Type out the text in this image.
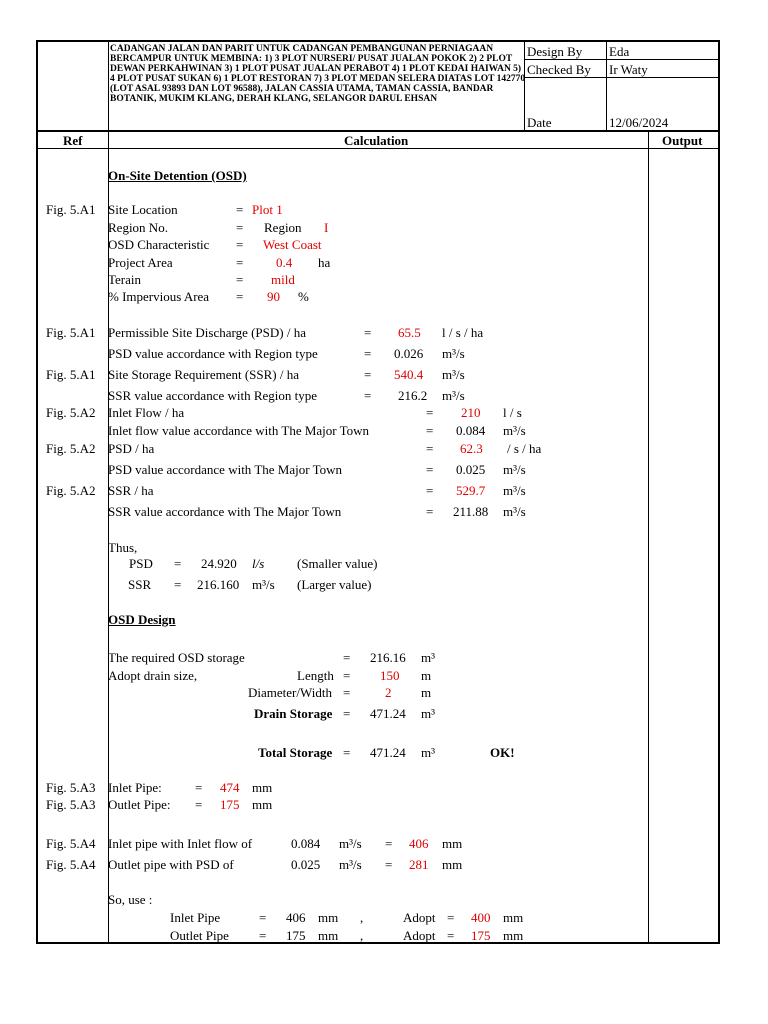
CADANGAN JALAN DAN PARIT UNTUK CADANGAN PEMBANGUNAN PERNIAGAAN BERCAMPUR UNTUK MEMBINA: 1) 3 PLOT NURSERI/ PUSAT JUALAN POKOK 2) 2 PLOT DEWAN PERKAHWINAN 3) 1 PLOT PUSAT JUALAN PERABOT 4) 1 PLOT KEDAI HAIWAN 5) 4 PLOT PUSAT SUKAN 6) 1 PLOT RESTORAN 7) 3 PLOT MEDAN SELERA DIATAS LOT 142770 (LOT ASAL 93893 DAN LOT 96588), JALAN CASSIA UTAMA, TAMAN CASSIA, BANDAR BOTANIK, MUKIM KLANG, DERAH KLANG, SELANGOR DARUL EHSAN
Design By Eda
Checked By Ir Waty
Date	12/06/2024
Ref	Calculation	Output
On-Site Detention (OSD)
Fig. 5.A1 Site Location	= Plot 1
Region No.	= Region I
OSD Characteristic = West Coast
Project Area	=	0.4 ha
Terain	= mild
% Impervious Area = 90 %
Fig. 5.A1 Permissible Site Discharge (PSD) / ha	= 65.5 l / s / ha
PSD value accordance with Region type	= 0.026 m³/s
Fig. 5.A1 Site Storage Requirement (SSR) / ha	= 540.4 m³/s
SSR value accordance with Region type	= 216.2 m³/s
Fig. 5.A2 Inlet Flow / ha	= 210 l / s
Inlet flow value accordance with The Major Town	= 0.084 m³/s
Fig. 5.A2 PSD / ha	= 62.3 / s / ha
PSD value accordance with The Major Town	= 0.025 m³/s
Fig. 5.A2 SSR / ha	= 529.7 m³/s
SSR value accordance with The Major Town	= 211.88 m³/s
Thus,
PSD = 24.920 l/s	(Smaller value)
SSR = 216.160 m³/s (Larger value)
OSD Design
The required OSD storage	= 216.16 m³
Adopt drain size,	Length = 150 m
Diameter/Width =	2 m
Drain Storage = 471.24 m³
Total Storage = 471.24 m³	OK!
Fig. 5.A3 Inlet Pipe:	= 474 mm
Fig. 5.A3 Outlet Pipe: = 175 mm
Fig. 5.A4 Inlet pipe with Inlet flow of	0.084 m³/s = 406 mm
Fig. 5.A4 Outlet pipe with PSD of	0.025 m³/s = 281 mm
So, use :
Inlet Pipe	= 406 mm ,	Adopt = 400 mm
Outlet Pipe = 175 mm ,	Adopt = 175 mm
